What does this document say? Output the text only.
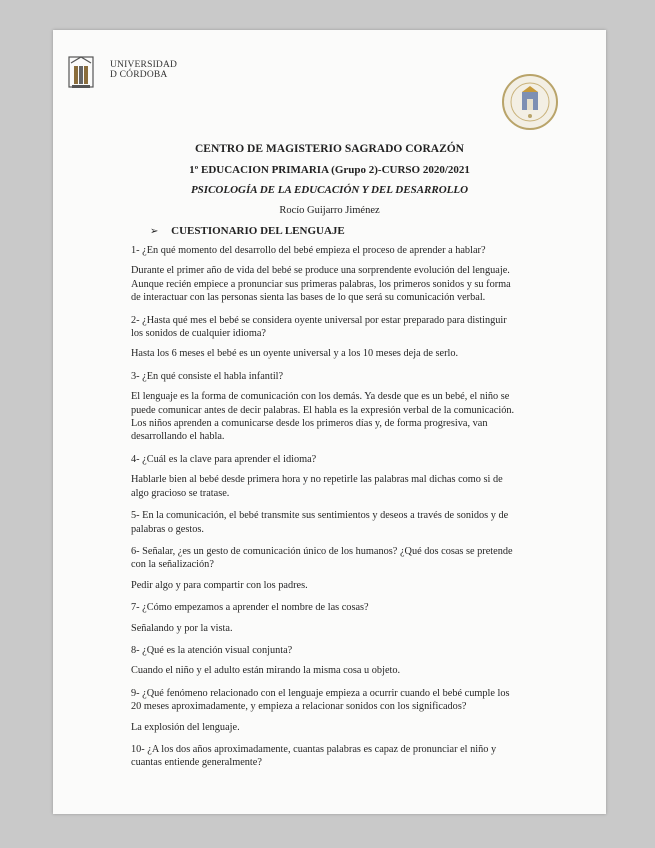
UNIVERSIDAD
D CÓRDOBA
CENTRO DE MAGISTERIO SAGRADO CORAZÓN
1º EDUCACION PRIMARIA (Grupo 2)-CURSO 2020/2021
PSICOLOGÍA DE LA EDUCACIÓN Y DEL DESARROLLO
Rocío Guijarro Jiménez
➢ CUESTIONARIO DEL LENGUAJE
1- ¿En qué momento del desarrollo del bebé empieza el proceso de aprender a hablar?
Durante el primer año de vida del bebé se produce una sorprendente evolución del lenguaje. Aunque recién empiece a pronunciar sus primeras palabras, los primeros sonidos y su forma de interactuar con las personas sienta las bases de lo que será su comunicación verbal.
2- ¿Hasta qué mes el bebé se considera oyente universal por estar preparado para distinguir los sonidos de cualquier idioma?
Hasta los 6 meses el bebé es un oyente universal y a los 10 meses deja de serlo.
3- ¿En qué consiste el habla infantil?
El lenguaje es la forma de comunicación con los demás. Ya desde que es un bebé, el niño se puede comunicar antes de decir palabras. El habla es la expresión verbal de la comunicación. Los niños aprenden a comunicarse desde los primeros días y, de forma progresiva, van desarrollando el habla.
4- ¿Cuál es la clave para aprender el idioma?
Hablarle bien al bebé desde primera hora y no repetirle las palabras mal dichas como si de algo gracioso se tratase.
5- En la comunicación, el bebé transmite sus sentimientos y deseos a través de sonidos y de palabras o gestos.
6- Señalar, ¿es un gesto de comunicación único de los humanos? ¿Qué dos cosas se pretende con la señalización?
Pedir algo y para compartir con los padres.
7- ¿Cómo empezamos a aprender el nombre de las cosas?
Señalando y por la vista.
8- ¿Qué es la atención visual conjunta?
Cuando el niño y el adulto están mirando la misma cosa u objeto.
9- ¿Qué fenómeno relacionado con el lenguaje empieza a ocurrir cuando el bebé cumple los 20 meses aproximadamente, y empieza a relacionar sonidos con los significados?
La explosión del lenguaje.
10- ¿A los dos años aproximadamente, cuantas palabras es capaz de pronunciar el niño y cuantas entiende generalmente?
